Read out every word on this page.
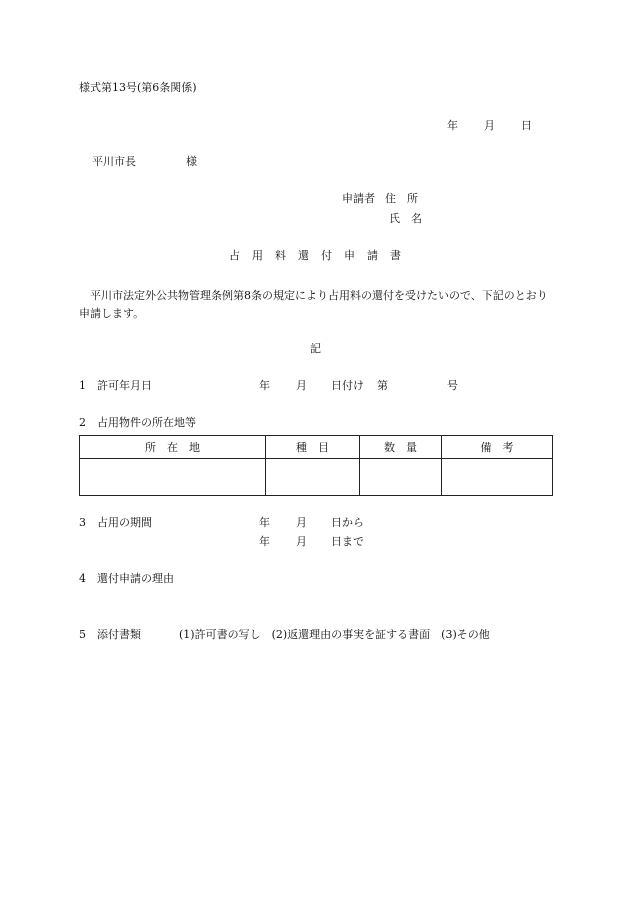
様式第13号(第6条関係)
年 月 日
平川市長	様
申請者 住　所
氏　名
占用料還付申請書
平川市法定外公共物管理条例第8条の規定により占用料の還付を受けたいので、下記のとおり申請します。
記
1 許可年月日	年 月 日付け 第	号
2 占用物件の所在地等
所　在　地	種　目	数　量	備　考

3 占用の期間	年 月 日から
年 月 日まで
4 還付申請の理由
5 添付書類	(1)許可書の写し　(2)返還理由の事実を証する書面　(3)その他
